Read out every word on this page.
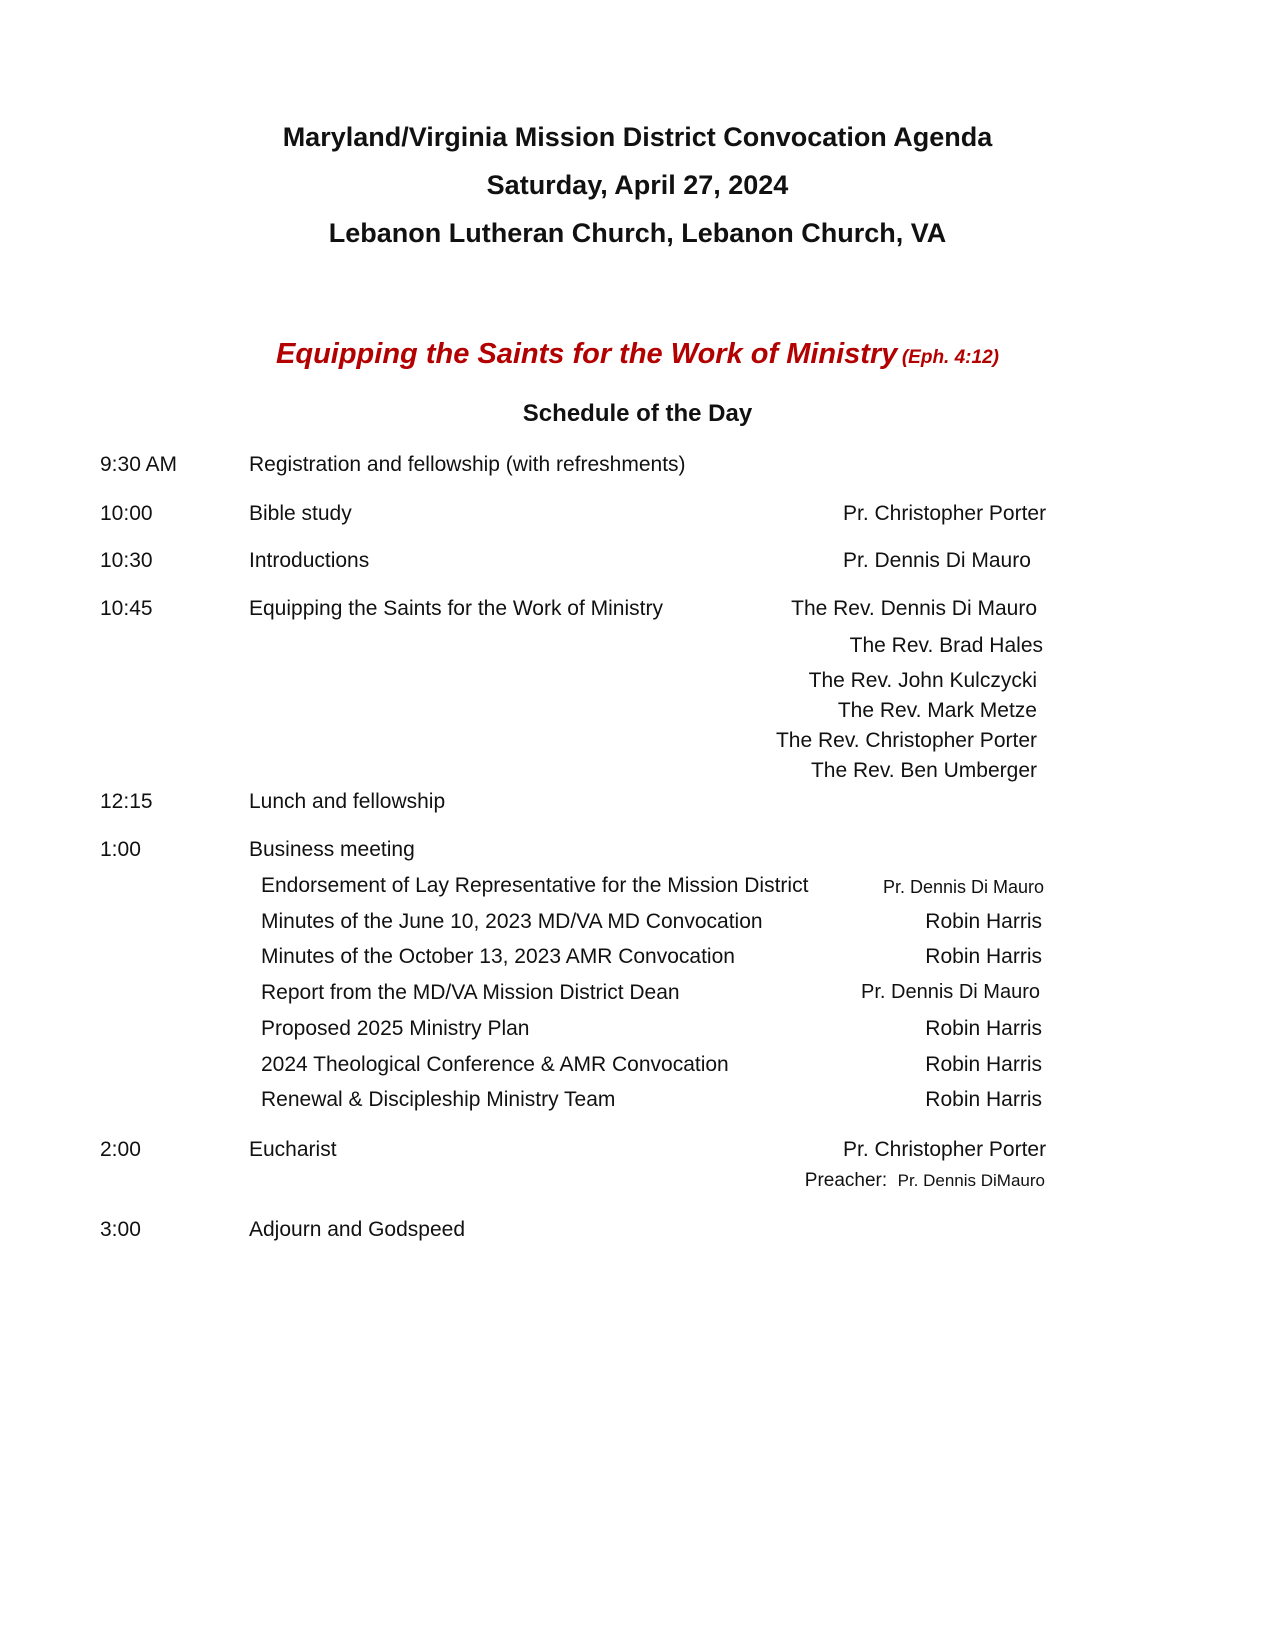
Maryland/Virginia Mission District Convocation Agenda
Saturday, April 27, 2024
Lebanon Lutheran Church, Lebanon Church, VA
Equipping the Saints for the Work of Ministry (Eph. 4:12)
Schedule of the Day
9:30 AM	Registration and fellowship (with refreshments)
10:00	Bible study	Pr. Christopher Porter
10:30	Introductions	Pr. Dennis Di Mauro
10:45	Equipping the Saints for the Work of Ministry	The Rev. Dennis Di Mauro
The Rev. Brad Hales
The Rev. John Kulczycki
The Rev. Mark Metze
The Rev. Christopher Porter
The Rev. Ben Umberger
12:15	Lunch and fellowship
1:00	Business meeting
Endorsement of Lay Representative for the Mission District	Pr. Dennis Di Mauro
Minutes of the June 10, 2023 MD/VA MD Convocation	Robin Harris
Minutes of the October 13, 2023 AMR Convocation	Robin Harris
Report from the MD/VA Mission District Dean	Pr. Dennis Di Mauro
Proposed 2025 Ministry Plan	Robin Harris
2024 Theological Conference & AMR Convocation	Robin Harris
Renewal & Discipleship Ministry Team	Robin Harris
2:00	Eucharist	Pr. Christopher Porter
Preacher: Pr. Dennis DiMauro
3:00	Adjourn and Godspeed
